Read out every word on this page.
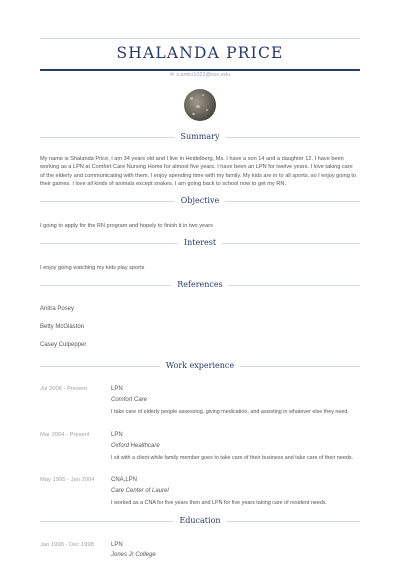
SHALANDA PRICE
✉ s.amici1023@ssc.edu
Summary
My name is Shalanda Price, I am 34 years old and I live in Heidelberg, Ms. I have a son 14 and a daughter 12. I have been working as a LPN at Comfort Care Nursing Home for almost five years. I have been an LPN for twelve years. I love taking care of the elderly and communicating with them. I enjoy spending time with my family. My kids are in to all sports, so I enjoy going to their games. I love all kinds of animals except snakes. I am going back to school now to get my RN.
Objective
I going to apply for the RN program and hopely to finish it in two years
Interest
I enjoy going watching my kids play sports
References
Anitra Posey
Betty McGlaston
Casey Culpepper
Work experience
Jul 2006 - Present	LPN
Comfort Care
I take care of elderly people assessing, giving medication, and assisting in whatever else they need.
Mar 2004 - Present	LPN
Oxford Healthcare
I sit with a client while family member goes to take care of their business and take care of their needs.
May 1995 - Jan 2004	CNA,LPN
Care Center of Laurel
I worked as a CNA for five years then and LPN for five years taking care of resident needs.
Education
Jan 1998 - Dec 1998	LPN
Jones Jr College
